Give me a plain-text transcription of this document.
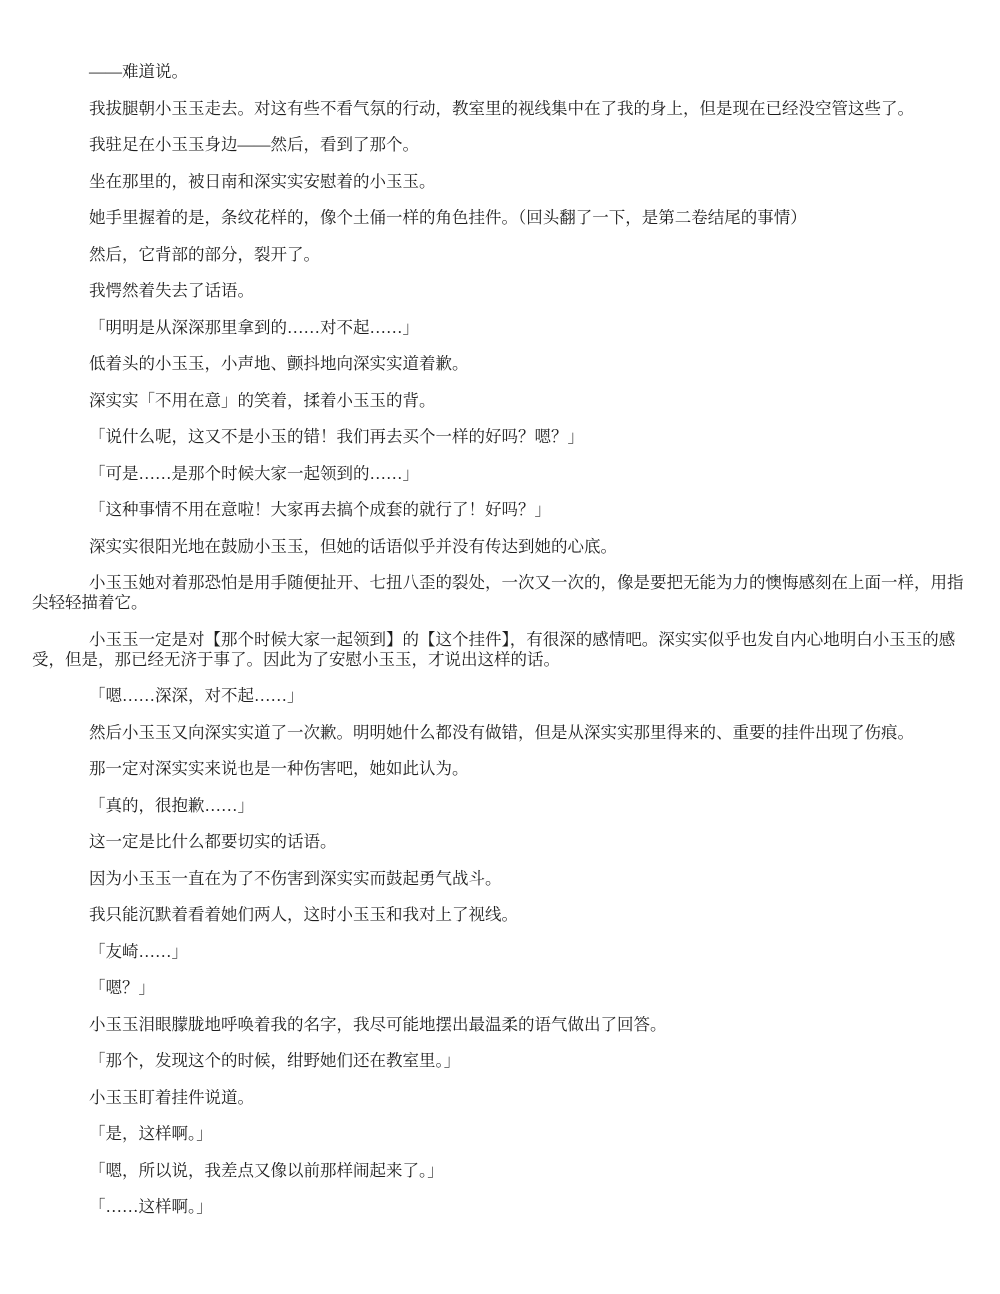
——难道说。

我拔腿朝小玉玉走去。对这有些不看气氛的行动，教室里的视线集中在了我的身上，但是现在已经没空管这些了。

我驻足在小玉玉身边——然后，看到了那个。

坐在那里的，被日南和深实实安慰着的小玉玉。

她手里握着的是，条纹花样的，像个土俑一样的角色挂件。（回头翻了一下，是第二卷结尾的事情）

然后，它背部的部分，裂开了。

我愕然着失去了话语。

「明明是从深深那里拿到的……对不起……」

低着头的小玉玉，小声地、颤抖地向深实实道着歉。

深实实「不用在意」的笑着，揉着小玉玉的背。

「说什么呢，这又不是小玉的错！我们再去买个一样的好吗？嗯？」

「可是……是那个时候大家一起领到的……」

「这种事情不用在意啦！大家再去搞个成套的就行了！好吗？」

深实实很阳光地在鼓励小玉玉，但她的话语似乎并没有传达到她的心底。

小玉玉她对着那恐怕是用手随便扯开、七扭八歪的裂处，一次又一次的，像是要把无能为力的懊悔感刻在上面一样，用指尖轻轻描着它。

小玉玉一定是对【那个时候大家一起领到】的【这个挂件】，有很深的感情吧。深实实似乎也发自内心地明白小玉玉的感受，但是，那已经无济于事了。因此为了安慰小玉玉，才说出这样的话。

「嗯……深深，对不起……」

然后小玉玉又向深实实道了一次歉。明明她什么都没有做错，但是从深实实那里得来的、重要的挂件出现了伤痕。

那一定对深实实来说也是一种伤害吧，她如此认为。

「真的，很抱歉……」

这一定是比什么都要切实的话语。

因为小玉玉一直在为了不伤害到深实实而鼓起勇气战斗。

我只能沉默着看着她们两人，这时小玉玉和我对上了视线。

「友崎……」

「嗯？」

小玉玉泪眼朦胧地呼唤着我的名字，我尽可能地摆出最温柔的语气做出了回答。

「那个，发现这个的时候，绀野她们还在教室里。」

小玉玉盯着挂件说道。

「是，这样啊。」

「嗯，所以说，我差点又像以前那样闹起来了。」

「……这样啊。」
